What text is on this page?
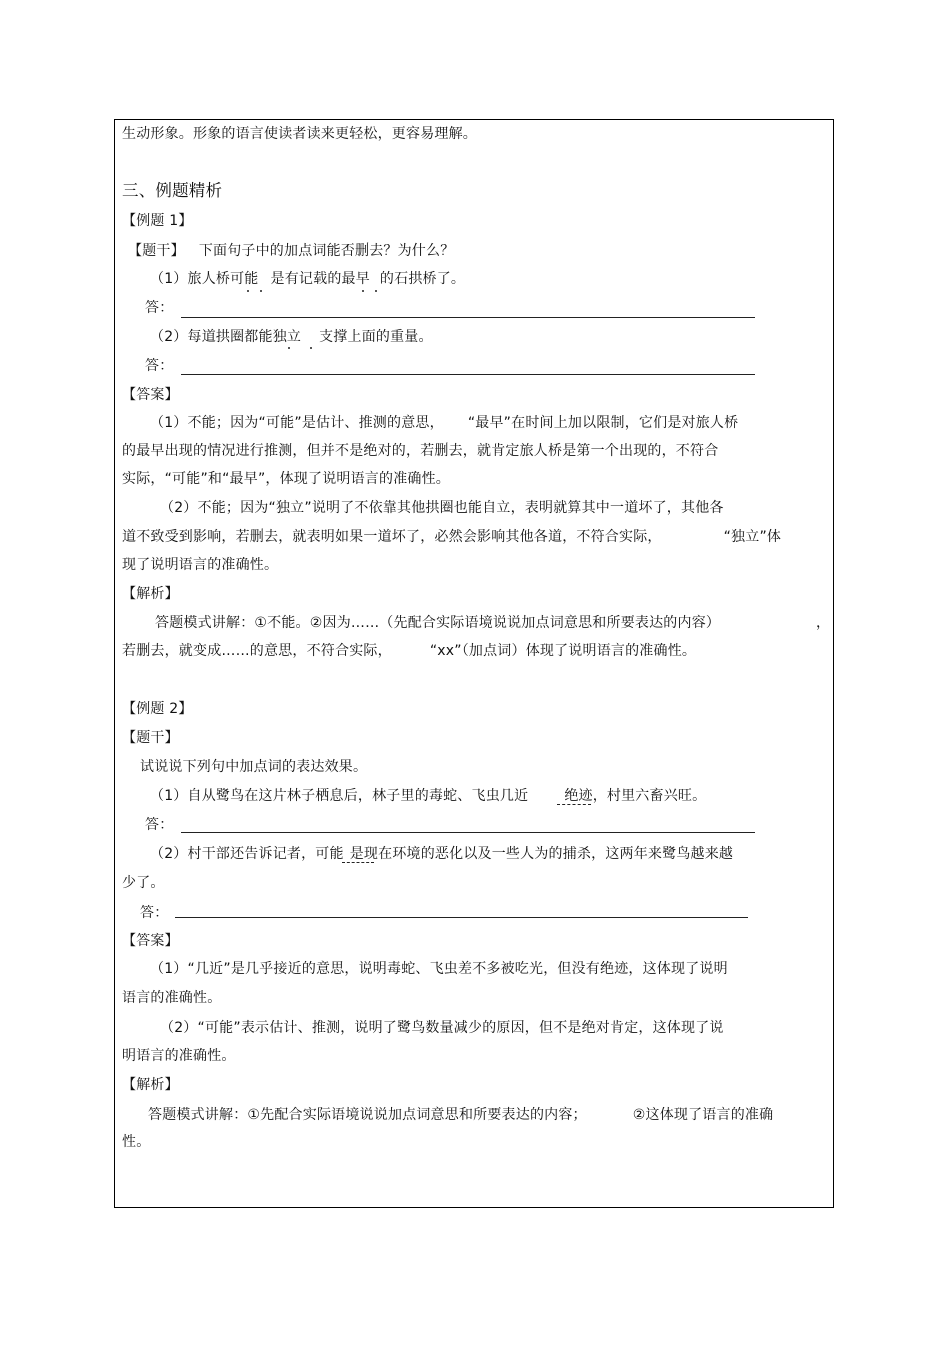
生动形象。形象的语言使读者读来更轻松，更容易理解。
三、例题精析
【例题 1】
【题干】 下面句子中的加点词能否删去？为什么？
（1）旅人桥可能 是有记载的最早 的石拱桥了。
答：
（2）每道拱圈都能独立 支撑上面的重量。
答：
【答案】
（1）不能；因为“可能”是估计、推测的意思， “最早”在时间上加以限制，它们是对旅人桥
的最早出现的情况进行推测，但并不是绝对的，若删去，就肯定旅人桥是第一个出现的，不符合
实际，“可能”和“最早”，体现了说明语言的准确性。
（2）不能；因为“独立”说明了不依靠其他拱圈也能自立，表明就算其中一道坏了，其他各
道不致受到影响，若删去，就表明如果一道坏了，必然会影响其他各道，不符合实际，	“独立”体
现了说明语言的准确性。
【解析】
答题模式讲解：①不能。②因为……（先配合实际语境说说加点词意思和所要表达的内容）	，
若删去，就变成……的意思，不符合实际，	“xx”（加点词）体现了说明语言的准确性。
【例题 2】
【题干】
试说说下列句中加点词的表达效果。
（1）自从鹭鸟在这片林子栖息后，林子里的毒蛇、飞虫几近	绝迹，村里六畜兴旺。
答：
（2）村干部还告诉记者，可能 是现在环境的恶化以及一些人为的捕杀，这两年来鹭鸟越来越
少了。
答：
【答案】
（1）“几近”是几乎接近的意思，说明毒蛇、飞虫差不多被吃光，但没有绝迹，这体现了说明
语言的准确性。
（2）“可能”表示估计、推测，说明了鹭鸟数量减少的原因，但不是绝对肯定，这体现了说
明语言的准确性。
【解析】
答题模式讲解：①先配合实际语境说说加点词意思和所要表达的内容；	②这体现了语言的准确
性。
